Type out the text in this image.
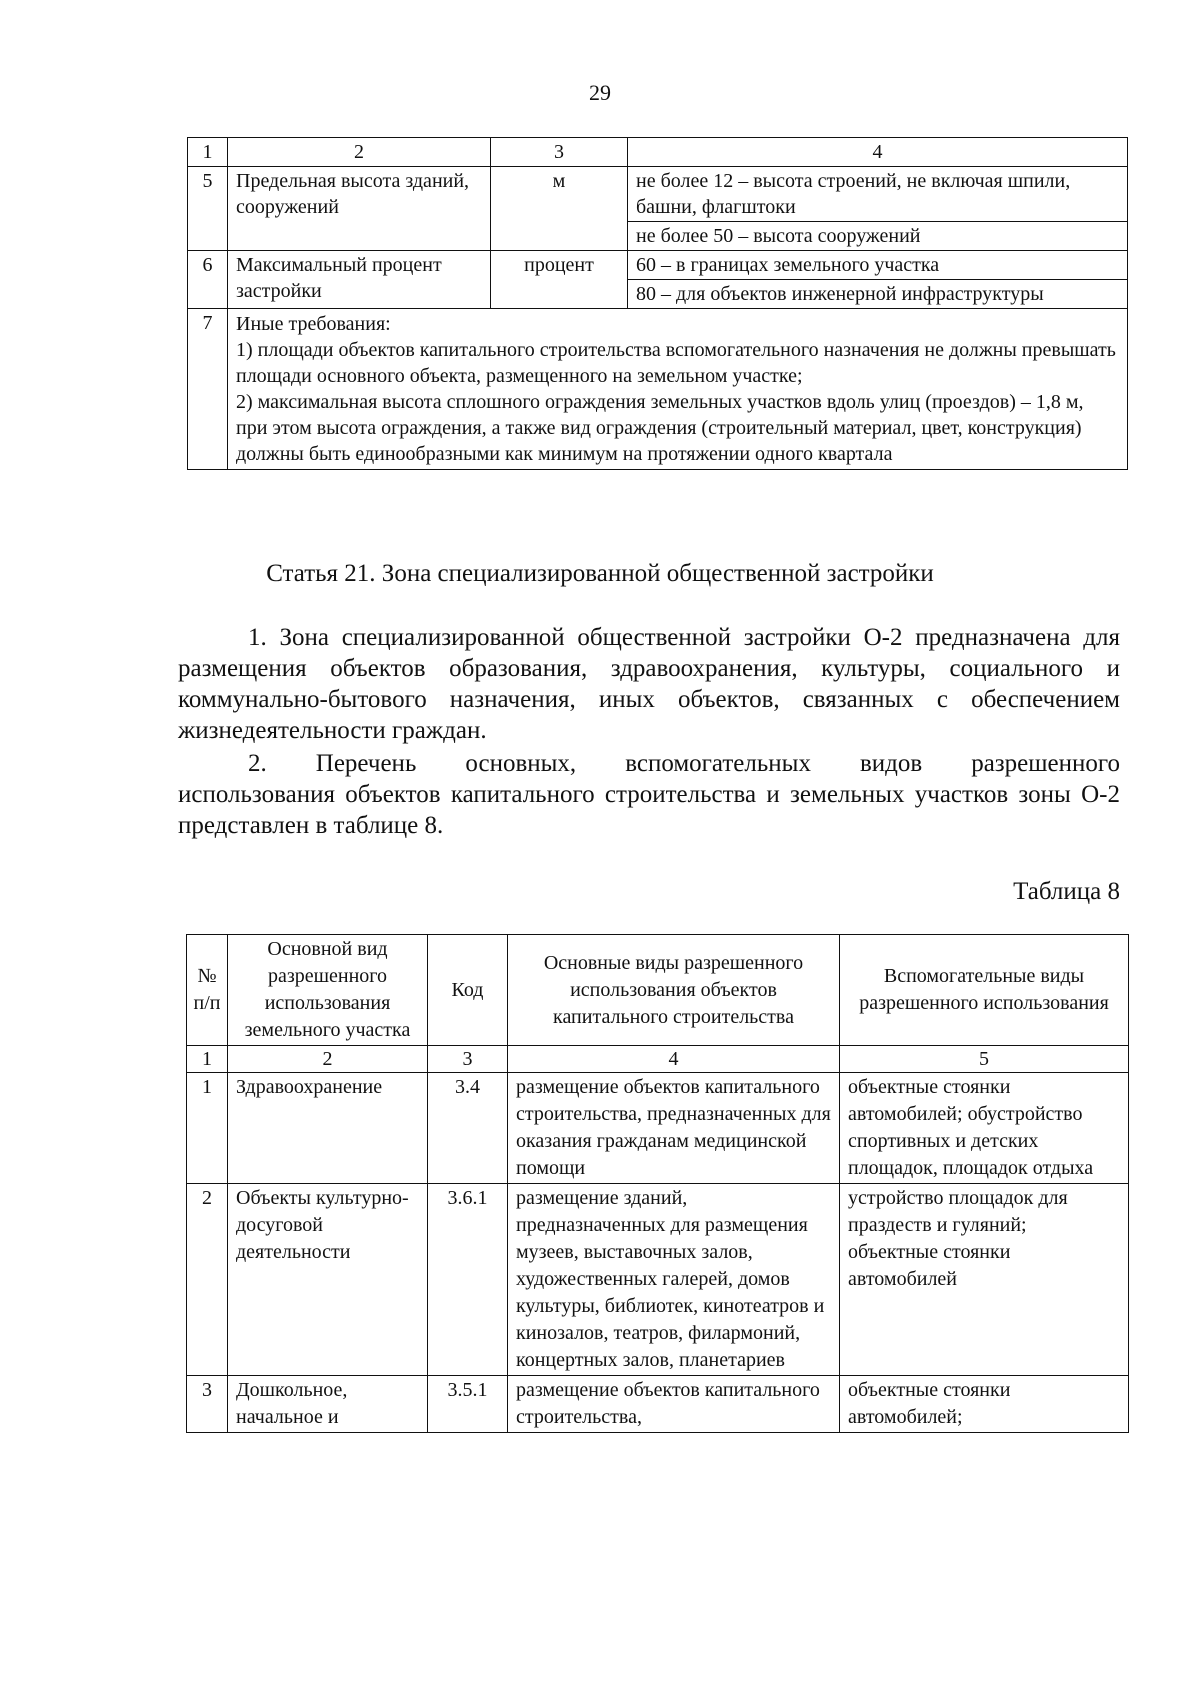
29
1	2	3	4

5	Предельная высота зданий, сооружений	м	не более 12 – высота строений, не включая шпили, башни, флагштоки
не более 50 – высота сооружений

6	Максимальный процент застройки	процент	60 – в границах земельного участка
80 – для объектов инженерной инфраструктуры

7	Иные требования:
1) площади объектов капитального строительства вспомогательного назначения не должны превышать площади основного объекта, размещенного на земельном участке;
2) максимальная высота сплошного ограждения земельных участков вдоль улиц (проездов) – 1,8 м, при этом высота ограждения, а также вид ограждения (строительный материал, цвет, конструкция) должны быть единообразными как минимум на протяжении одного квартала		
Статья 21. Зона специализированной общественной застройки
1. Зона специализированной общественной застройки О-2 предназначена для размещения объектов образования, здравоохранения, культуры, социального и коммунально-бытового назначения, иных объектов, связанных с обеспечением жизнедеятельности граждан.
2. Перечень основных, вспомогательных видов разрешенного
использования объектов капитального строительства и земельных участков зоны О-2 представлен в таблице 8.
Таблица 8
№ п/п	Основной вид разрешенного использования земельного участка	Код	Основные виды разрешенного использования объектов капитального строительства	Вспомогательные виды разрешенного использования

1	2	3	4	5

1	Здравоохранение	3.4	размещение объектов капитального строительства, предназначенных для оказания гражданам медицинской помощи	объектные стоянки автомобилей; обустройство спортивных и детских площадок, площадок отдыха

2	Объекты культурно-досуговой деятельности	3.6.1	размещение зданий, предназначенных для размещения музеев, выставочных залов, художественных галерей, домов культуры, библиотек, кинотеатров и кинозалов, театров, филармоний, концертных залов, планетариев	устройство площадок для праздеств и гуляний; объектные стоянки автомобилей

3	Дошкольное, начальное и	3.5.1	размещение объектов капитального строительства,	объектные стоянки автомобилей;
